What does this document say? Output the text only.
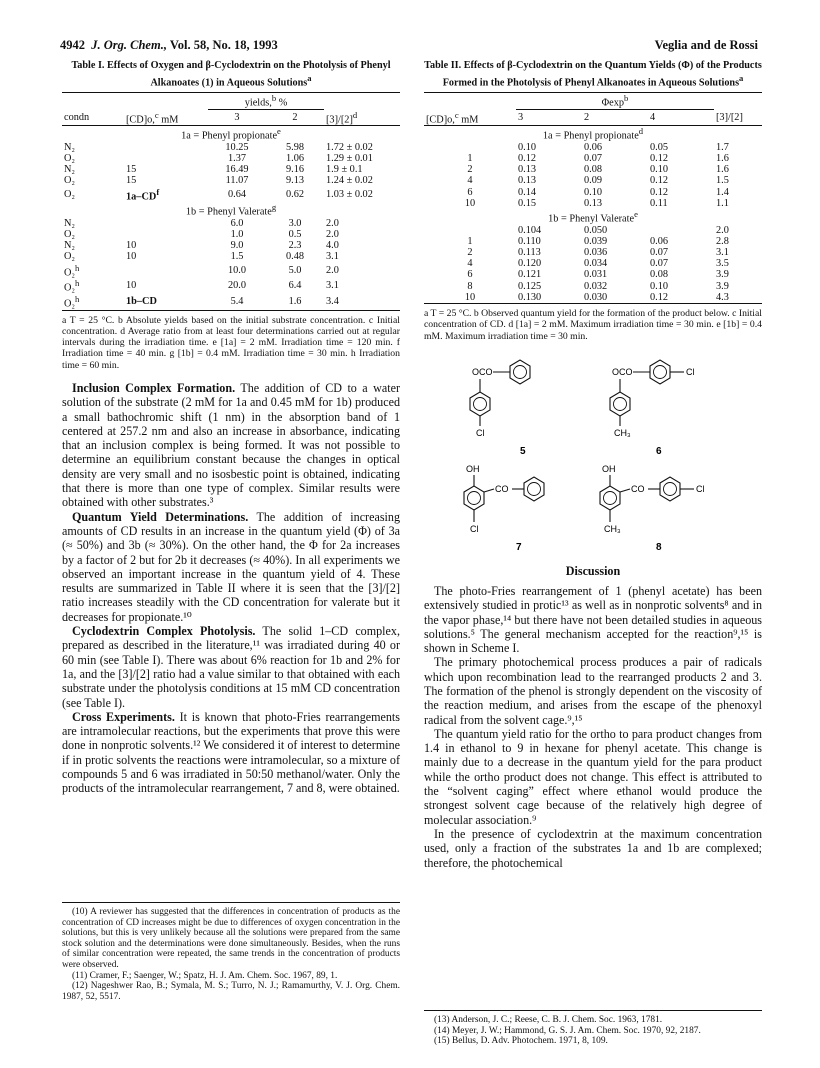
4942 J. Org. Chem., Vol. 58, No. 18, 1993	Veglia and de Rossi
Table I. Effects of Oxygen and β-Cyclodextrin on the Photolysis of Phenyl Alkanoates (1) in Aqueous Solutions$^a$
		yields,$^b$ %		
condn	[CD]o,$^c$ mM	3	2	$[3]/[2]^d$
1a = Phenyl propionate$^e$
N₂		10.25	5.98	1.72 ± 0.02
O₂		1.37	1.06	1.29 ± 0.01
N₂	15	16.49	9.16	1.9 ± 0.1
O₂	15	11.07	9.13	1.24 ± 0.02
O₂	$1a-CD^f$	0.64	0.62	1.03 ± 0.02
1b = Phenyl Valerate$^g$
N₂		6.0	3.0	2.0
O₂		1.0	0.5	2.0
N₂	10	9.0	2.3	4.0
O₂	10	1.5	0.48	3.1
O₂$^h$		10.0	5.0	2.0
O₂$^h$	10	20.0	6.4	3.1
O₂$^h$	1b–CD	5.4	1.6	3.4
a T = 25 °C. b Absolute yields based on the initial substrate concentration. c Initial concentration. d Average ratio from at least four determinations carried out at regular intervals during the irradiation time. e [1a] = 2 mM. Irradiation time = 120 min. f Irradiation time = 40 min. g [1b] = 0.4 mM. Irradiation time = 30 min. h Irradiation time = 60 min.

Inclusion Complex Formation. The addition of CD to a water solution of the substrate (2 mM for 1a and 0.45 mM for 1b) produced a small bathochromic shift (1 nm) in the absorption band of 1 centered at 257.2 nm and also an increase in absorbance, indicating that an inclusion complex is being formed. It was not possible to determine an equilibrium constant because the changes in optical density are very small and no isosbestic point is obtained, indicating that there is more than one type of complex. Similar results were obtained with other substrates.³

Quantum Yield Determinations. The addition of increasing amounts of CD results in an increase in the quantum yield (Φ) of 3a (≈ 50%) and 3b (≈ 30%). On the other hand, the Φ for 2a increases by a factor of 2 but for 2b it decreases (≈ 40%). In all experiments we observed an important increase in the quantum yield of 4. These results are summarized in Table II where it is seen that the [3]/[2] ratio increases steadily with the CD concentration for valerate but it decreases for propionate.¹⁰

Cyclodextrin Complex Photolysis. The solid 1–CD complex, prepared as described in the literature,¹¹ was irradiated during 40 or 60 min (see Table I). There was about 6% reaction for 1b and 2% for 1a, and the [3]/[2] ratio had a value similar to that obtained with each substrate under the photolysis conditions at 15 mM CD concentration (see Table I).

Cross Experiments. It is known that photo-Fries rearrangements are intramolecular reactions, but the experiments that prove this were done in nonprotic solvents.¹² We considered it of interest to determine if in protic solvents the reactions were intramolecular, so a mixture of compounds 5 and 6 was irradiated in 50:50 methanol/water. Only the products of the intramolecular rearrangement, 7 and 8, were obtained.

(10) A reviewer has suggested that the differences in concentration of products as the concentration of CD increases might be due to differences of oxygen concentration in the solutions, but this is very unlikely because all the solutions were prepared from the same stock solution and the determinations were done simultaneously. Besides, when the runs of similar concentration were repeated, the same trends in the concentration of products were observed.

(11) Cramer, F.; Saenger, W.; Spatz, H. J. Am. Chem. Soc. 1967, 89, 1.

(12) Nageshwer Rao, B.; Symala, M. S.; Turro, N. J.; Ramamurthy, V. J. Org. Chem. 1987, 52, 5517.

Table II. Effects of β-Cyclodextrin on the Quantum Yields (Φ) of the Products Formed in the Photolysis of Phenyl Alkanoates in Aqueous Solutions$^a$
	Φexp$^b$	
[CD]o,$^c$ mM	3	2	4	[3]/[2]
1a = Phenyl propionate$^d$
	0.10	0.06	0.05	1.7
1	0.12	0.07	0.12	1.6
2	0.13	0.08	0.10	1.6
4	0.13	0.09	0.12	1.5
6	0.14	0.10	0.12	1.4
10	0.15	0.13	0.11	1.1
1b = Phenyl Valerate$^e$
	0.104	0.050		2.0
1	0.110	0.039	0.06	2.8
2	0.113	0.036	0.07	3.1
4	0.120	0.034	0.07	3.5
6	0.121	0.031	0.08	3.9
8	0.125	0.032	0.10	3.9
10	0.130	0.030	0.12	4.3
a T = 25 °C. b Observed quantum yield for the formation of the product below. c Initial concentration of CD. d [1a] = 2 mM. Maximum irradiation time = 30 min. e [1b] = 0.4 mM. Maximum irradiation time = 30 min.
OCO
Cl
5
OCO	Cl
CH₃
6
OH
CO
Cl
7
OH
CO	Cl
CH₃
8
Discussion

The photo-Fries rearrangement of 1 (phenyl acetate) has been extensively studied in protic¹³ as well as in nonprotic solvents⁸ and in the vapor phase,¹⁴ but there have not been detailed studies in aqueous solutions.⁵ The general mechanism accepted for the reaction⁹,¹⁵ is shown in Scheme I.

The primary photochemical process produces a pair of radicals which upon recombination lead to the rearranged products 2 and 3. The formation of the phenol is strongly dependent on the viscosity of the reaction medium, and arises from the escape of the phenoxyl radical from the solvent cage.⁹,¹⁵

The quantum yield ratio for the ortho to para product changes from 1.4 in ethanol to 9 in hexane for phenyl acetate. This change is mainly due to a decrease in the quantum yield for the para product while the ortho product does not change. This effect is attributed to the “solvent caging” effect where ethanol would produce the strongest solvent cage because of the relatively high degree of molecular association.⁹

In the presence of cyclodextrin at the maximum concentration used, only a fraction of the substrates 1a and 1b are complexed; therefore, the photochemical

(13) Anderson, J. C.; Reese, C. B. J. Chem. Soc. 1963, 1781.

(14) Meyer, J. W.; Hammond, G. S. J. Am. Chem. Soc. 1970, 92, 2187.

(15) Bellus, D. Adv. Photochem. 1971, 8, 109.
